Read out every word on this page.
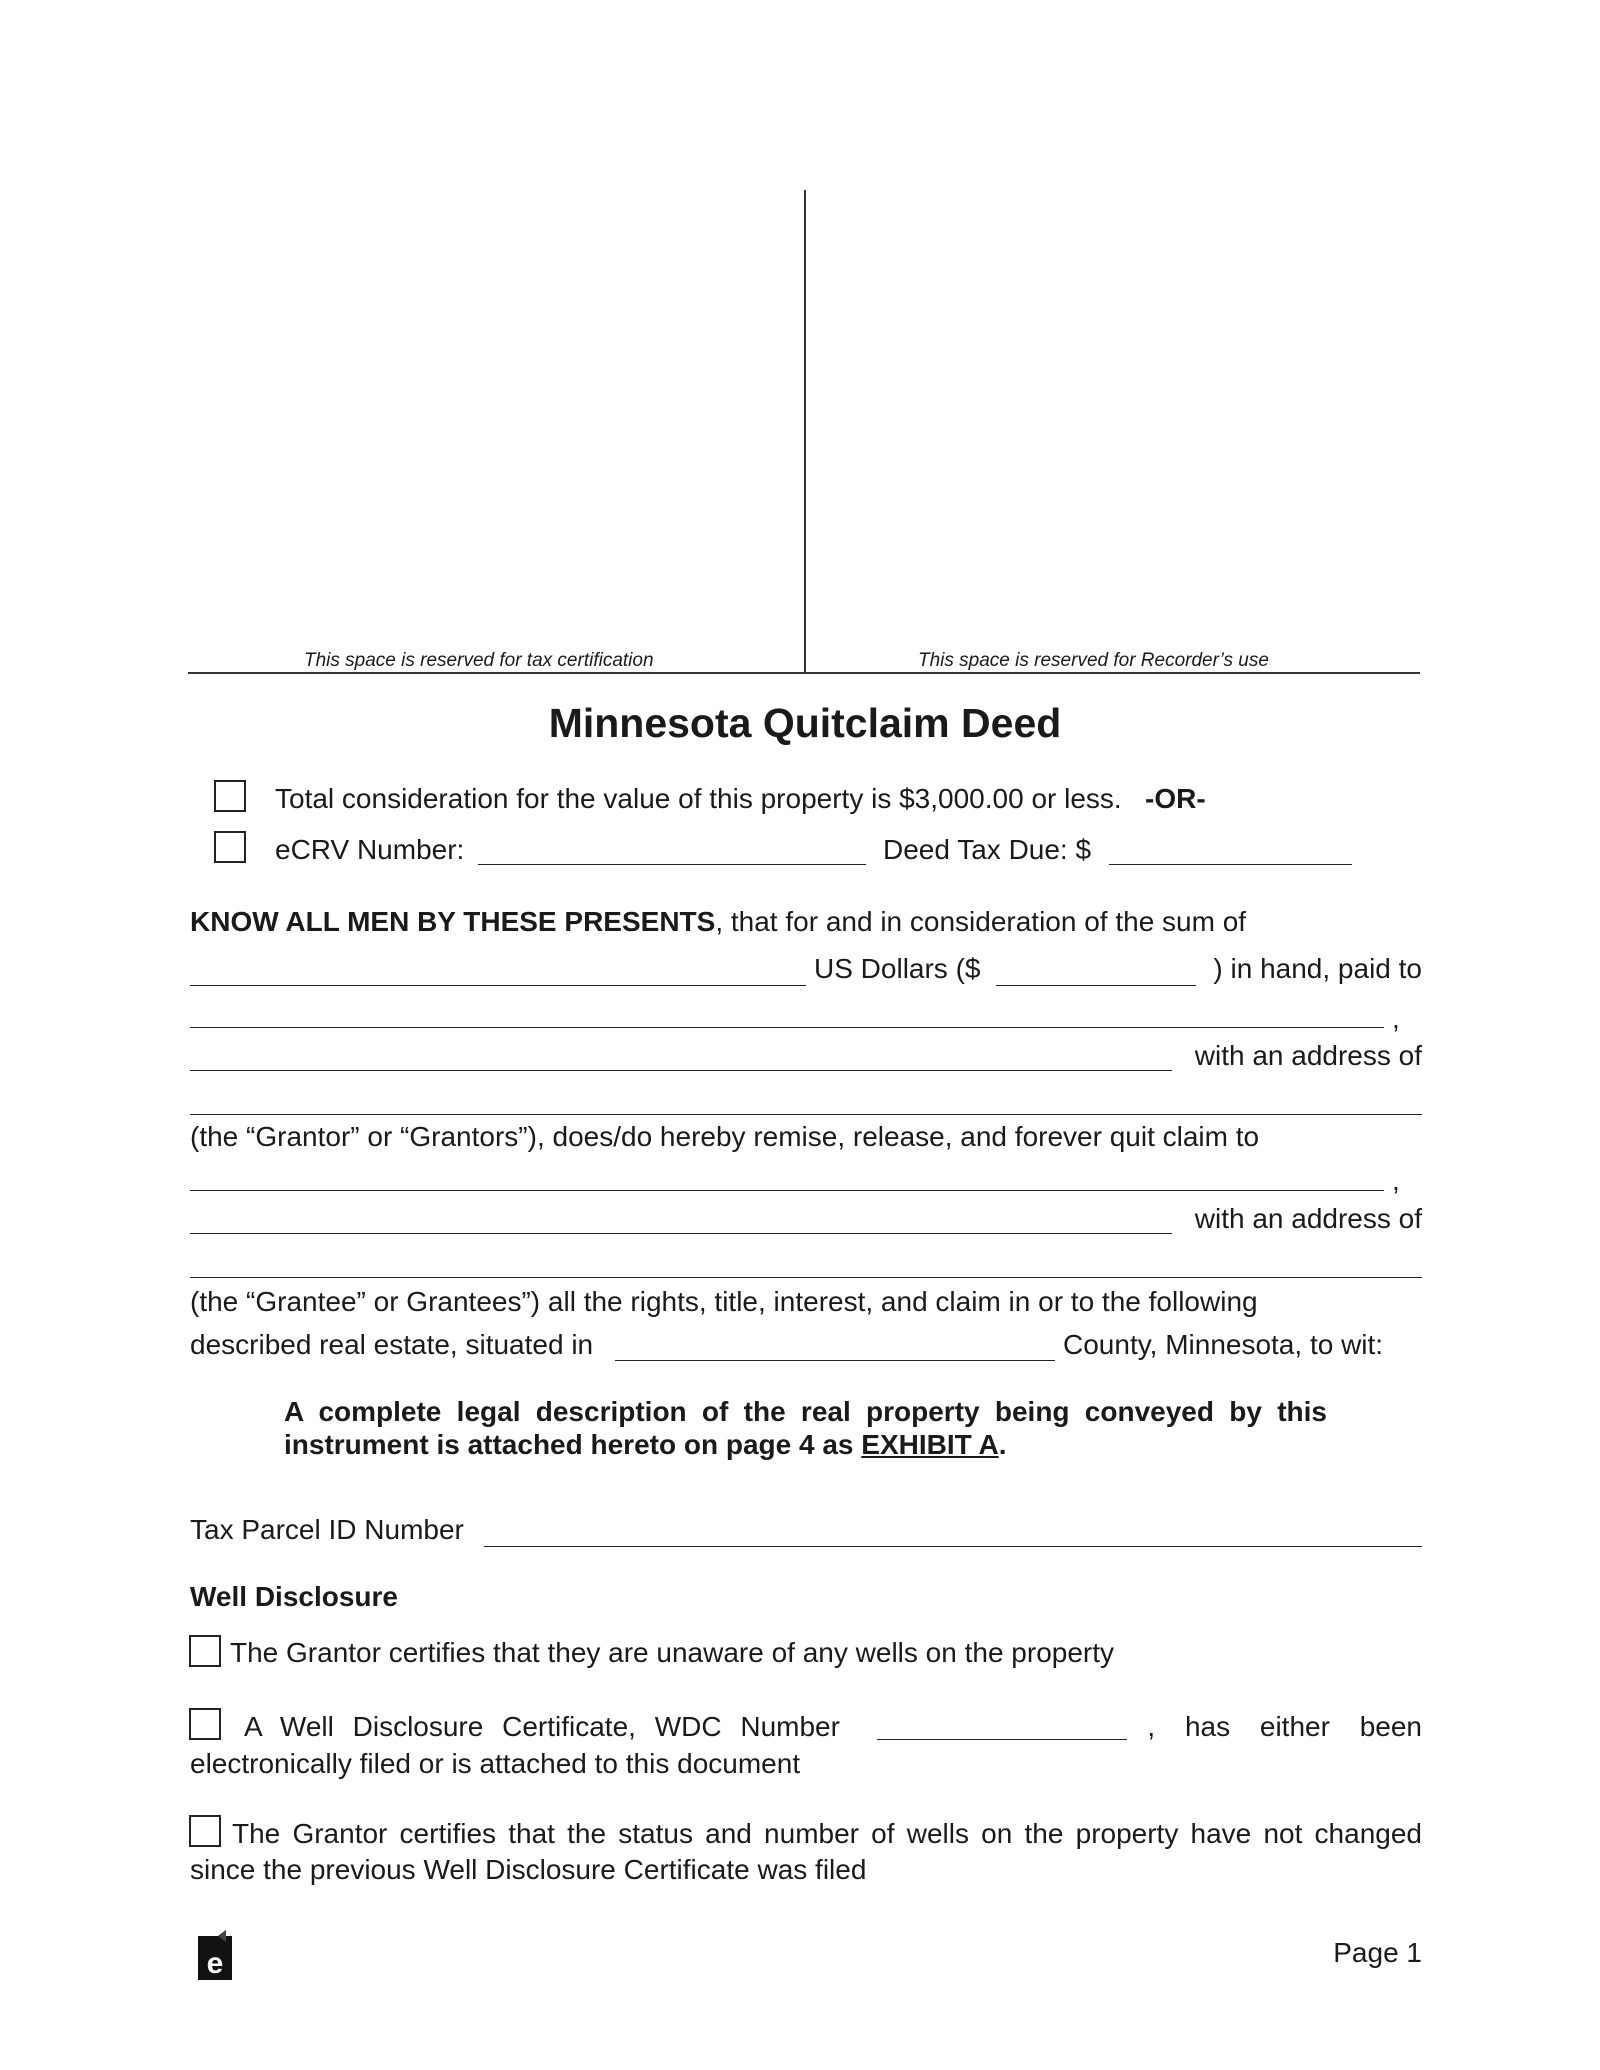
This space is reserved for tax certification	This space is reserved for Recorder’s use
Minnesota Quitclaim Deed
Total consideration for the value of this property is $3,000.00 or less. -OR-
eCRV Number:	Deed Tax Due: $
KNOW ALL MEN BY THESE PRESENTS, that for and in consideration of the sum of
US Dollars ($	) in hand, paid to
,
with an address of
(the “Grantor” or “Grantors”), does/do hereby remise, release, and forever quit claim to
,
with an address of
(the “Grantee” or Grantees”) all the rights, title, interest, and claim in or to the following
described real estate, situated in	County, Minnesota, to wit:
A complete legal description of the real property being conveyed by this
instrument is attached hereto on page 4 as EXHIBIT A.
Tax Parcel ID Number
Well Disclosure
The Grantor certifies that they are unaware of any wells on the property
A Well Disclosure Certificate, WDC Number	, has either been
electronically filed or is attached to this document
The Grantor certifies that the status and number of wells on the property have not changed
since the previous Well Disclosure Certificate was filed
e	Page 1
